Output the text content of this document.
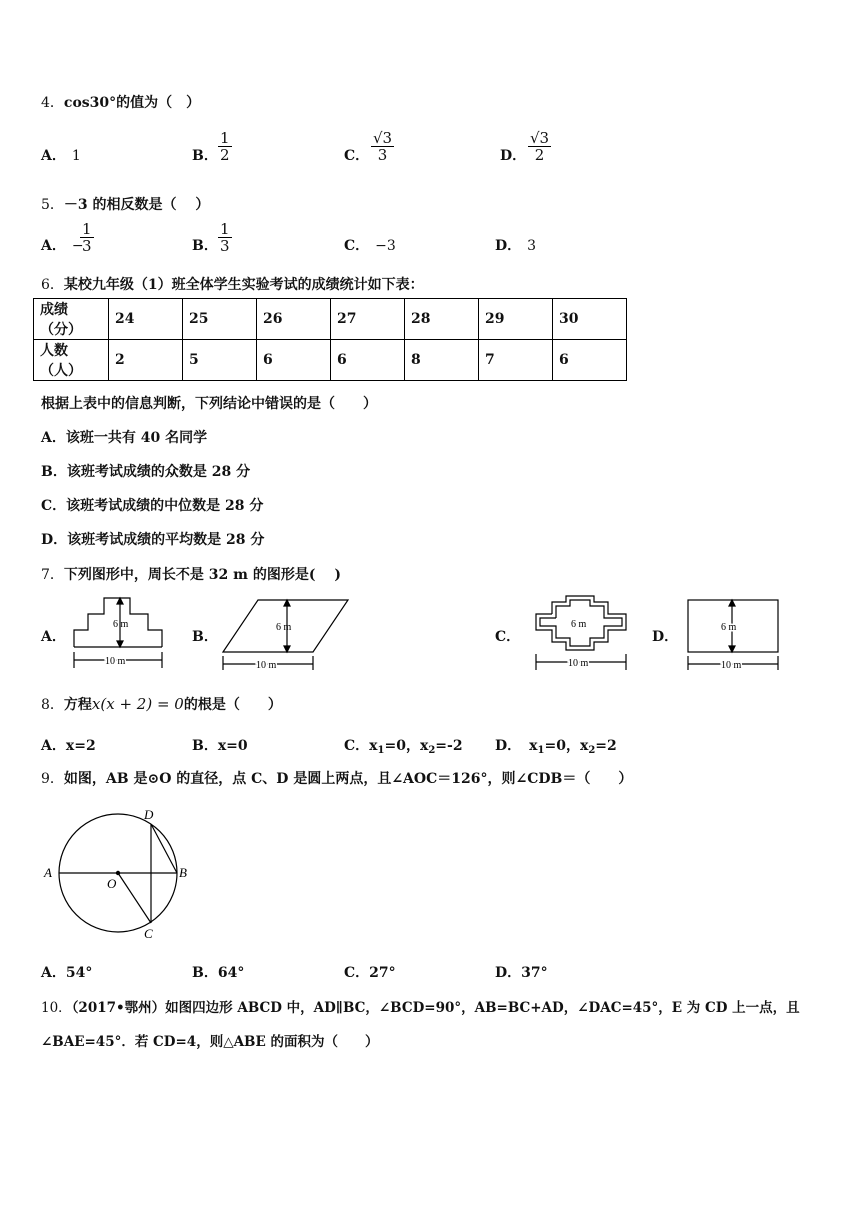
4．cos30°的值为（　）
A． 1	B．
1
2	C．
√3
3	D．
√3
2
5．－3 的相反数是（　 ）
A． −
1
3	B．
1
3	C． −3	D． 3
6．某校九年级（1）班全体学生实验考试的成绩统计如下表：
成绩（分）	24	25	26	27	28	29	30
人数（人）	2	5	6	6	8	7	6
根据上表中的信息判断，下列结论中错误的是（　　）
A．该班一共有 40 名同学
B．该班考试成绩的众数是 28 分
C．该班考试成绩的中位数是 28 分
D．该班考试成绩的平均数是 28 分
7．下列图形中，周长不是 32 m 的图形是(　 )
A．
6 m
10 m
B．
6 m
10 m
C．
6 m
10 m
D．
6 m
10 m
8．方程x(x + 2) = 0的根是（　　）
A．x=2	B．x=0	C．$x_1=0$，$x_2=-2$ D． $x_1=0$，$x_2=2$
9．如图，AB 是⊙O 的直径，点 C、D 是圆上两点，且∠AOC＝126°，则∠CDB＝（　　）
A	B
D
C
O
A．54°	B．64°	C．27°	D．37°
10．（2017•鄂州）如图四边形 ABCD 中，AD∥BC，∠BCD=90°，AB=BC+AD，∠DAC=45°，E 为 CD 上一点，且
∠BAE=45°．若 CD=4，则△ABE 的面积为（　　）
